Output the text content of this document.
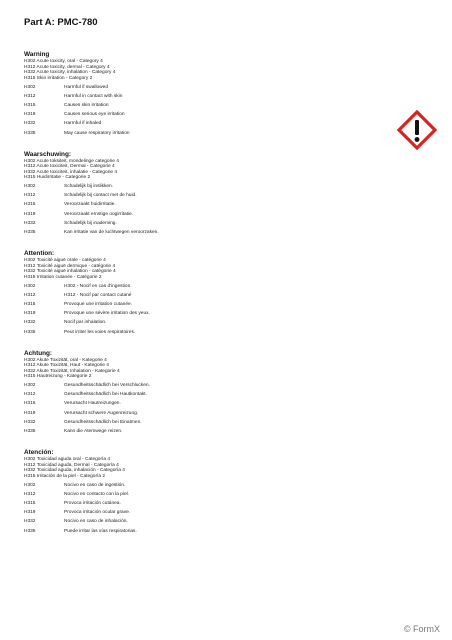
Part A: PMC-780
Warning
H302 Acute toxicity, oral - Category 4
H312 Acute toxicity, dermal - Category 4
H332 Acute toxicity, inhalation - Category 4
H315 Skin irritation - Category 2
H302	Harmful if swallowed
H312	Harmful in contact with skin
H315	Causes skin irritation
H319	Causes serious eye irritation
H332	Harmful if inhaled
H335	May cause respiratory irritation
Waarschuwing:
H302 Acute toksiteit, mondelinge categorie 4
H312 Acute toxiciteit, Dermal - Categorie 4
H332 Acute toxiciteit, inhalatie - Categorie 4
H315 Huidirritatie - Categorie 2
H302	Schadelijk bij inslikken.
H312	Schadelijk bij contact met de huid.
H315	Veroorzaakt huidirritatie.
H319	Veroorzaakt ernstige oogirritatie.
H332	Schadelijk bij inademing.
H335	Kan irritatie van de luchtwegen veroorzaken.
Attention:
H302 Toxicité aiguë orale - catégorie 4
H312 Toxicité aiguë dermique - catégorie 4
H332 Toxicité aiguë inhalation - catégorie 4
H315 Irritation cutanée - Catégorie 2
H302	H302 - Nocif en cas d'ingestion.
H312	H312 - Nocif par contact cutané
H315	Provoque une irritation cutanée.
H319	Provoque une sévère irritation des yeux.
H332	Nocif par inhalation.
H335	Peut irriter les voies respiratoires.
Achtung:
H302 Akute Toxizität, oral - Kategorie 4
H312 Akute Toxizität, Haut - Kategorie 4
H332 Akute Toxizität, Inhalation - Kategorie 4
H315 Hautreizung - Kategorie 2
H302	Gesundheitsschädlich bei Verschlucken.
H312	Gesundheitsschädlich bei Hautkontakt.
H315	Verursacht Hautreizungen.
H319	Verursacht schwere Augenreizung.
H332	Gesundheitsschädlich bei Einatmen.
H335	Kann die Atemwege reizen.
Atención:
H302 Toxicidad aguda oral - Categoría 4
H312 Toxicidad aguda, Dermal - Categoría 4
H332 Toxicidad aguda, inhalación - Categoría 4
H315 Irritación de la piel - Categoría 2
H302	Nocivo en caso de ingestión.
H312	Nocivo en contacto con la piel.
H315	Provoca irritación cutánea.
H319	Provoca irritación ocular grave.
H332	Nocivo en caso de inhalación.
H335	Puede irritar las vías respiratorias.
© FormX
